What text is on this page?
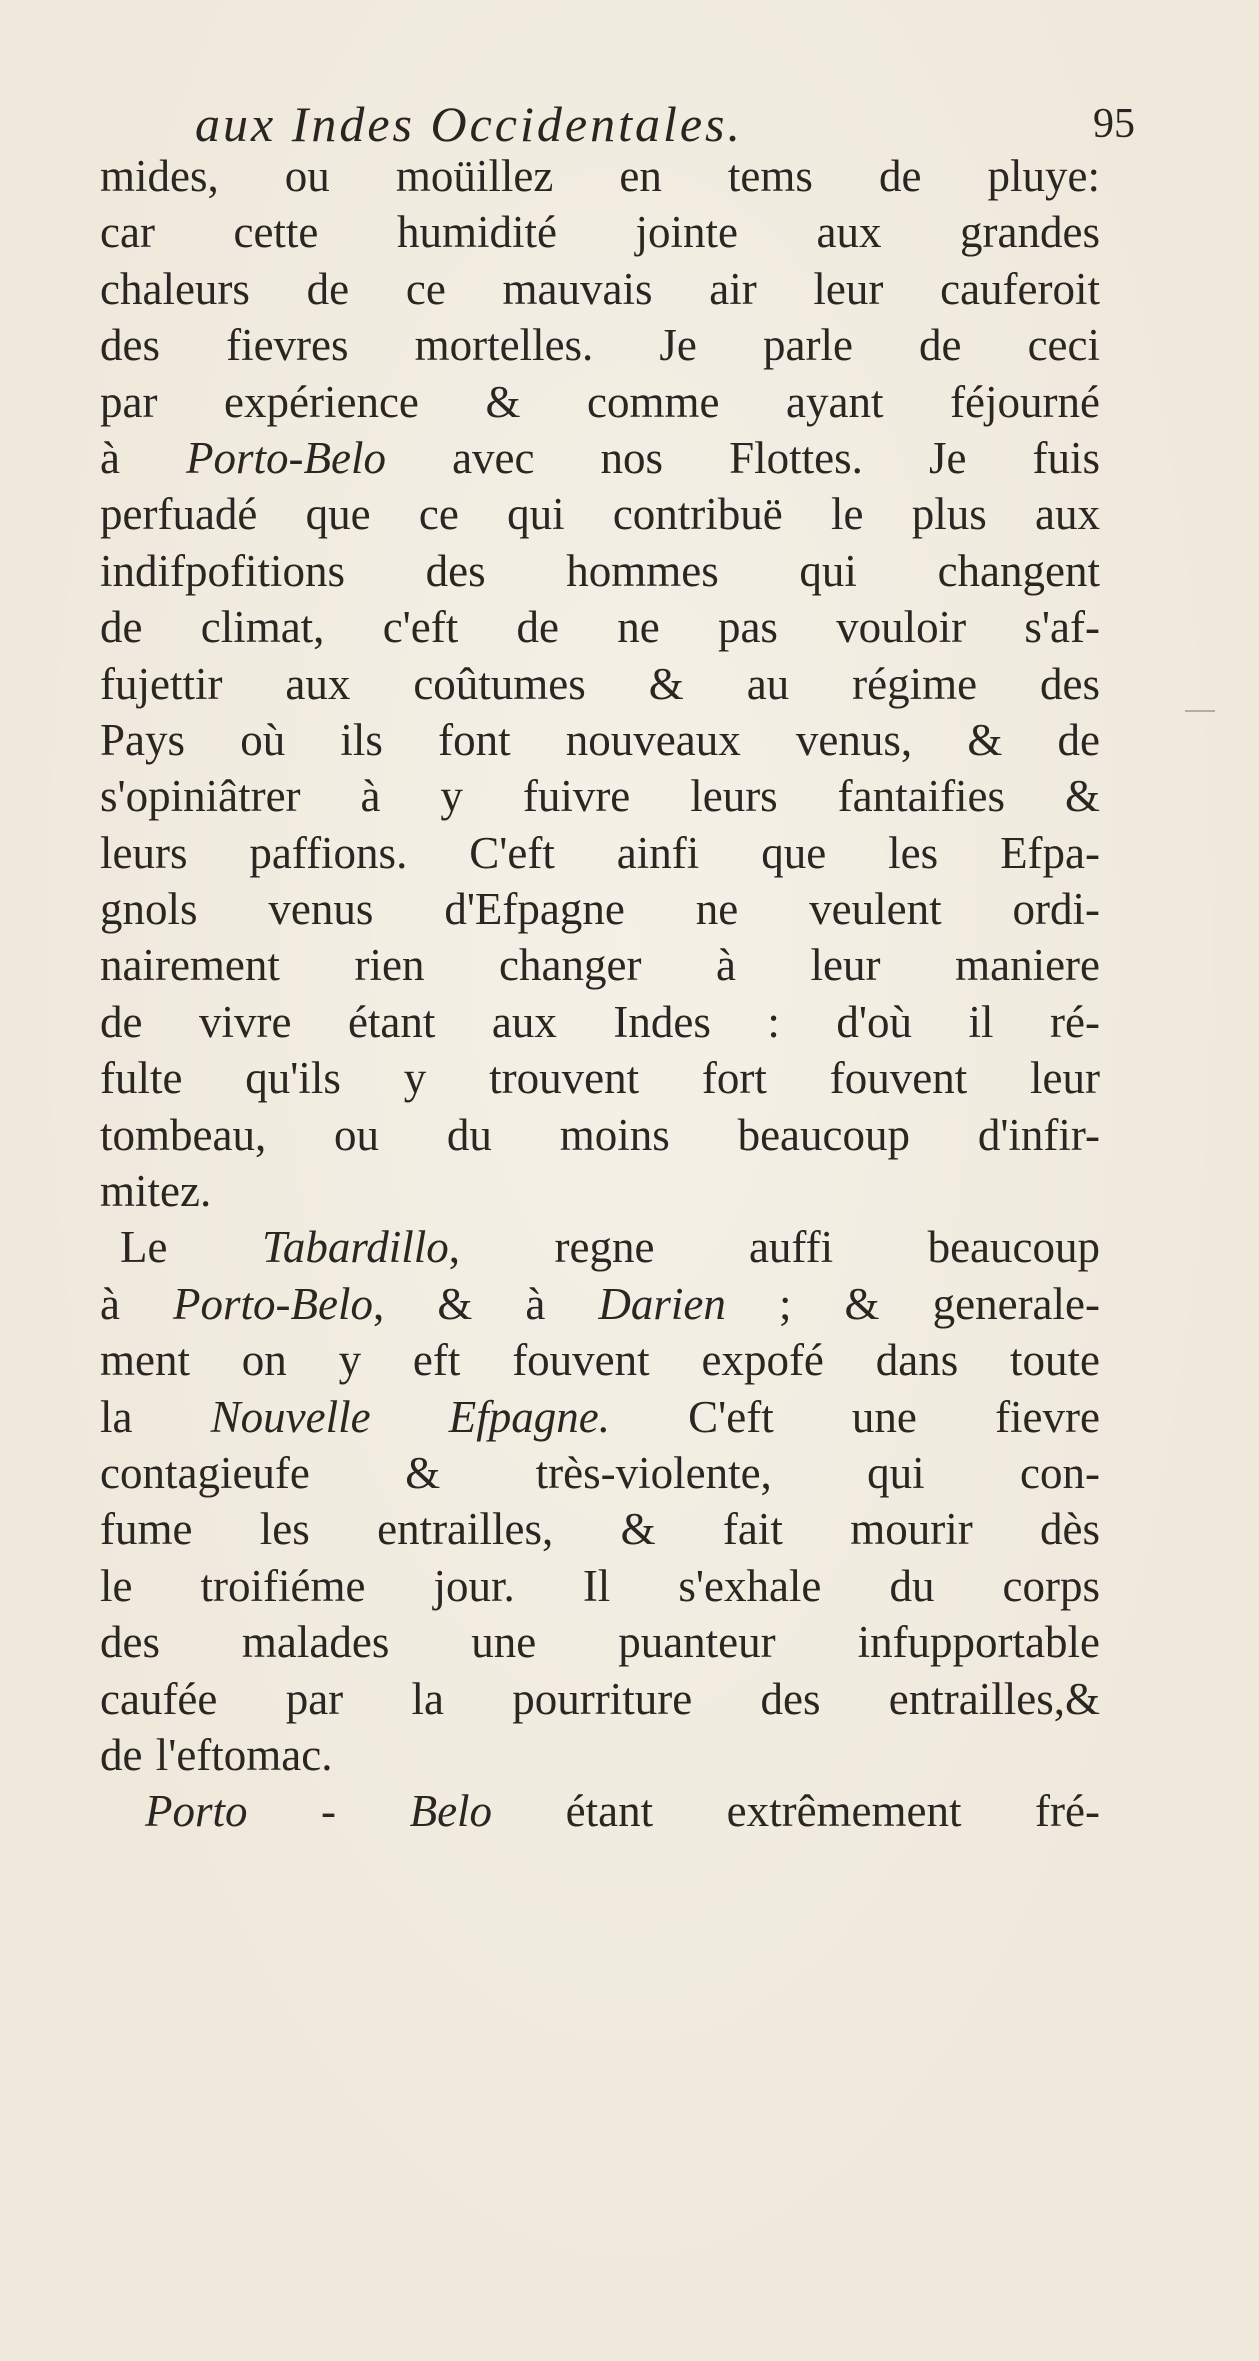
aux Indes Occidentales.	95
mides, ou moüillez en tems de pluye:
car cette humidité jointe aux grandes
chaleurs de ce mauvais air leur cauferoit
des fievres mortelles. Je parle de ceci
par expérience & comme ayant féjourné
à Porto-Belo avec nos Flottes. Je fuis
perfuadé que ce qui contribuë le plus aux
indifpofitions des hommes qui changent
de climat, c'eft de ne pas vouloir s'af-
fujettir aux coûtumes & au régime des
Pays où ils font nouveaux venus, & de
s'opiniâtrer à y fuivre leurs fantaifies &
leurs paffions. C'eft ainfi que les Efpa-
gnols venus d'Efpagne ne veulent ordi-
nairement rien changer à leur maniere
de vivre étant aux Indes : d'où il ré-
fulte qu'ils y trouvent fort fouvent leur
tombeau, ou du moins beaucoup d'infir-
mitez.
Le Tabardillo, regne auffi beaucoup
à Porto-Belo, & à Darien ; & generale-
ment on y eft fouvent expofé dans toute
la Nouvelle Efpagne. C'eft une fievre
contagieufe & très-violente, qui con-
fume les entrailles, & fait mourir dès
le troifiéme jour. Il s'exhale du corps
des malades une puanteur infupportable
caufée par la pourriture des entrailles,&
de l'eftomac.
Porto - Belo étant extrêmement fré-
